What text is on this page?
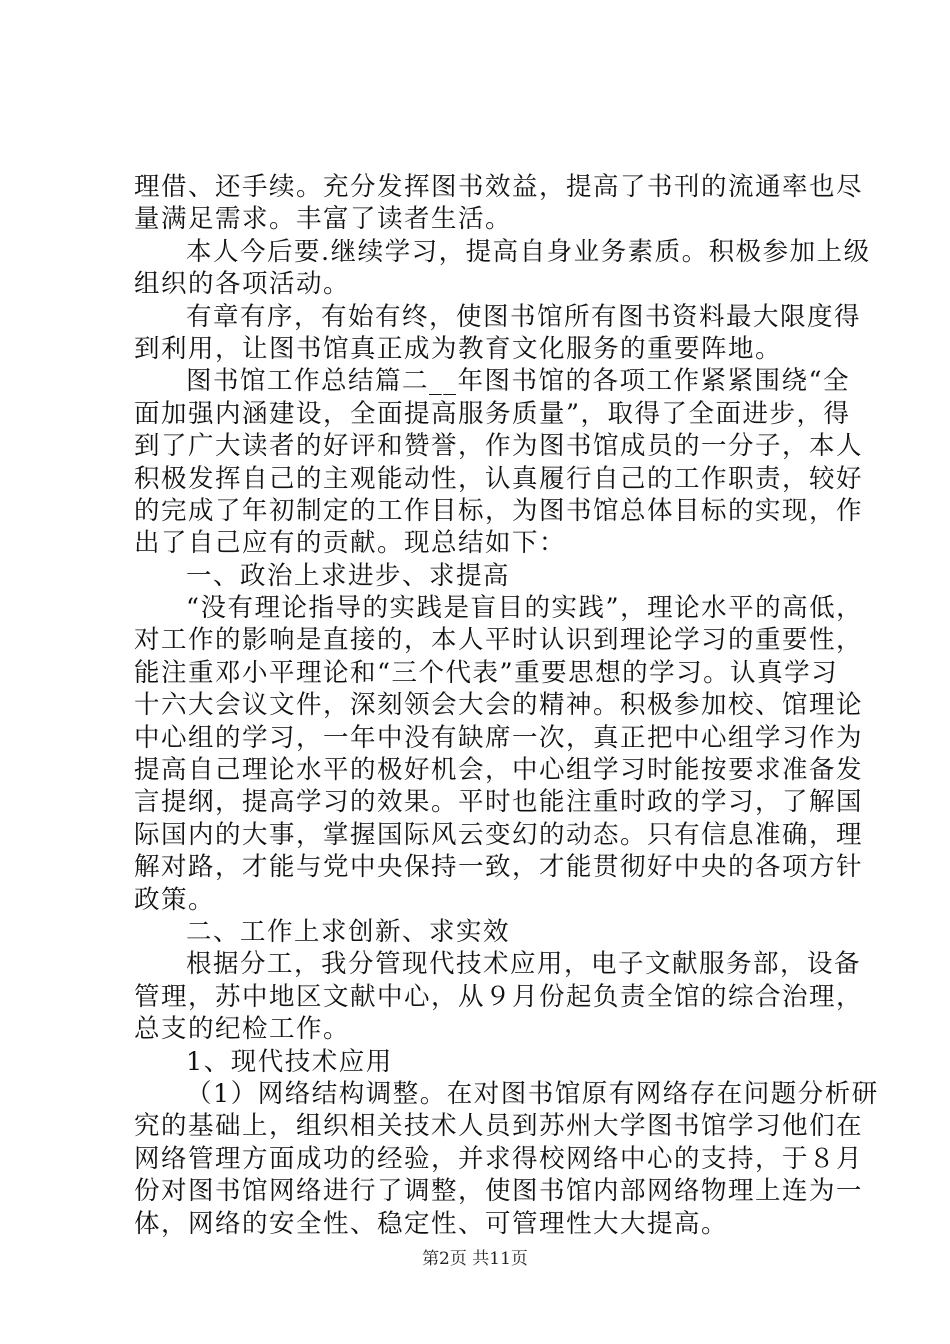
理借、还手续。充分发挥图书效益，提高了书刊的流通率也尽
量满足需求。丰富了读者生活。
本人今后要.继续学习，提高自身业务素质。积极参加上级
组织的各项活动。
有章有序，有始有终，使图书馆所有图书资料最大限度得
到利用，让图书馆真正成为教育文化服务的重要阵地。
图书馆工作总结篇二__年图书馆的各项工作紧紧围绕“全
面加强内涵建设，全面提高服务质量”，取得了全面进步，得
到了广大读者的好评和赞誉，作为图书馆成员的一分子，本人
积极发挥自己的主观能动性，认真履行自己的工作职责，较好
的完成了年初制定的工作目标，为图书馆总体目标的实现，作
出了自己应有的贡献。现总结如下：
一、政治上求进步、求提高
“没有理论指导的实践是盲目的实践”，理论水平的高低，
对工作的影响是直接的，本人平时认识到理论学习的重要性，
能注重邓小平理论和“三个代表”重要思想的学习。认真学习
十六大会议文件，深刻领会大会的精神。积极参加校、馆理论
中心组的学习，一年中没有缺席一次，真正把中心组学习作为
提高自己理论水平的极好机会，中心组学习时能按要求准备发
言提纲，提高学习的效果。平时也能注重时政的学习，了解国
际国内的大事，掌握国际风云变幻的动态。只有信息准确，理
解对路，才能与党中央保持一致，才能贯彻好中央的各项方针
政策。
二、工作上求创新、求实效
根据分工，我分管现代技术应用，电子文献服务部，设备
管理，苏中地区文献中心，从９月份起负责全馆的综合治理，
总支的纪检工作。
1、现代技术应用
（1）网络结构调整。在对图书馆原有网络存在问题分析研
究的基础上，组织相关技术人员到苏州大学图书馆学习他们在
网络管理方面成功的经验，并求得校网络中心的支持，于８月
份对图书馆网络进行了调整，使图书馆内部网络物理上连为一
体，网络的安全性、稳定性、可管理性大大提高。
第2页 共11页
